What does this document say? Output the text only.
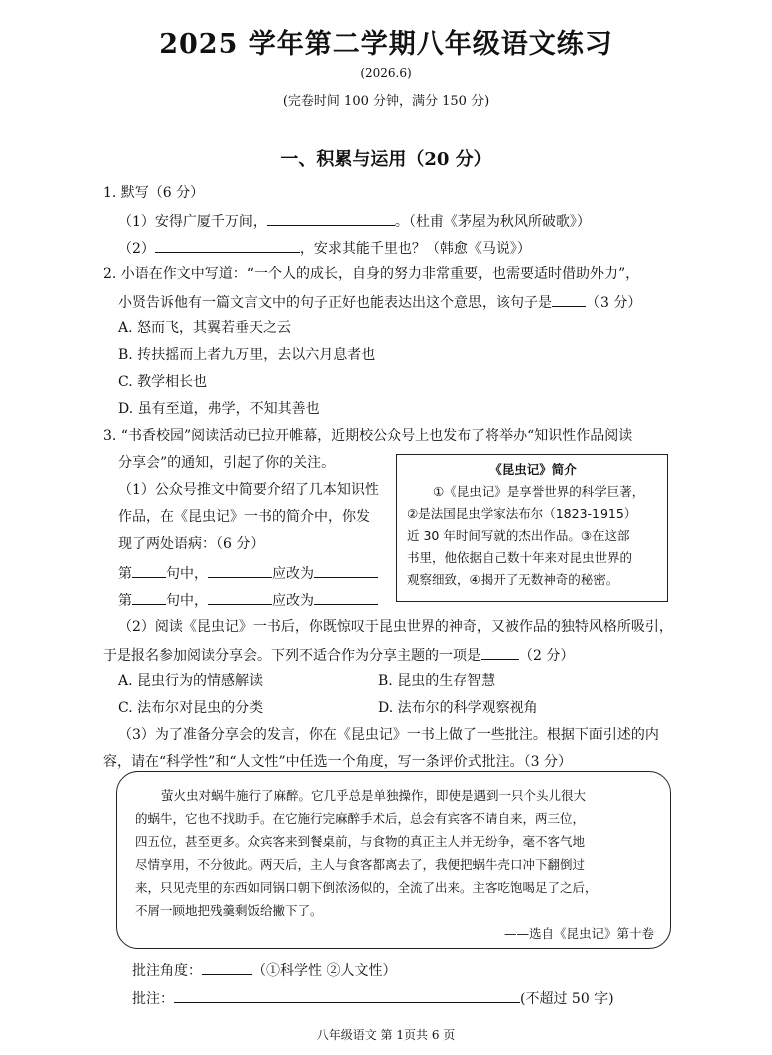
2025 学年第二学期八年级语文练习
(2026.6)
(完卷时间 100 分钟，满分 150 分)
一、积累与运用（20 分）
1. 默写（6 分）
（1）安得广厦千万间，	。（杜甫《茅屋为秋风所破歌》）
（2）	，安求其能千里也？（韩愈《马说》）
2. 小语在作文中写道：“一个人的成长，自身的努力非常重要，也需要适时借助外力”，
小贤告诉他有一篇文言文中的句子正好也能表达出这个意思，该句子是 （3 分）
A. 怒而飞，其翼若垂天之云
B. 抟扶摇而上者九万里，去以六月息者也
C. 教学相长也
D. 虽有至道，弗学，不知其善也
3. “书香校园”阅读活动已拉开帷幕，近期校公众号上也发布了将举办“知识性作品阅读
分享会”的通知，引起了你的关注。
（1）公众号推文中简要介绍了几本知识性
作品，在《昆虫记》一书的简介中，你发
现了两处语病：（6 分）
第 句中，	应改为
第 句中，	应改为
《昆虫记》简介
①《昆虫记》是享誉世界的科学巨著，
②是法国昆虫学家法布尔（1823-1915）
近 30 年时间写就的杰出作品。③在这部
书里，他依据自己数十年来对昆虫世界的
观察细致，④揭开了无数神奇的秘密。
（2）阅读《昆虫记》一书后，你既惊叹于昆虫世界的神奇，又被作品的独特风格所吸引，
于是报名参加阅读分享会。下列不适合作为分享主题的一项是	（2 分）
A. 昆虫行为的情感解读	B. 昆虫的生存智慧
C. 法布尔对昆虫的分类	D. 法布尔的科学观察视角
（3）为了准备分享会的发言，你在《昆虫记》一书上做了一些批注。根据下面引述的内
容，请在“科学性”和“人文性”中任选一个角度，写一条评价式批注。（3 分）

萤火虫对蜗牛施行了麻醉。它几乎总是单独操作，即使是遇到一只个头儿很大

的蜗牛，它也不找助手。在它施行完麻醉手术后，总会有宾客不请自来，两三位，

四五位，甚至更多。众宾客来到餐桌前，与食物的真正主人并无纷争，毫不客气地

尽情享用，不分彼此。两天后，主人与食客都离去了，我便把蜗牛壳口冲下翻倒过

来，只见壳里的东西如同锅口朝下倒浓汤似的，全流了出来。主客吃饱喝足了之后，

不屑一顾地把残羹剩饭给撇下了。

——选自《昆虫记》第十卷

批注角度：	（①科学性 ②人文性）
批注：	(不超过 50 字)
八年级语文 第 1页共 6 页
